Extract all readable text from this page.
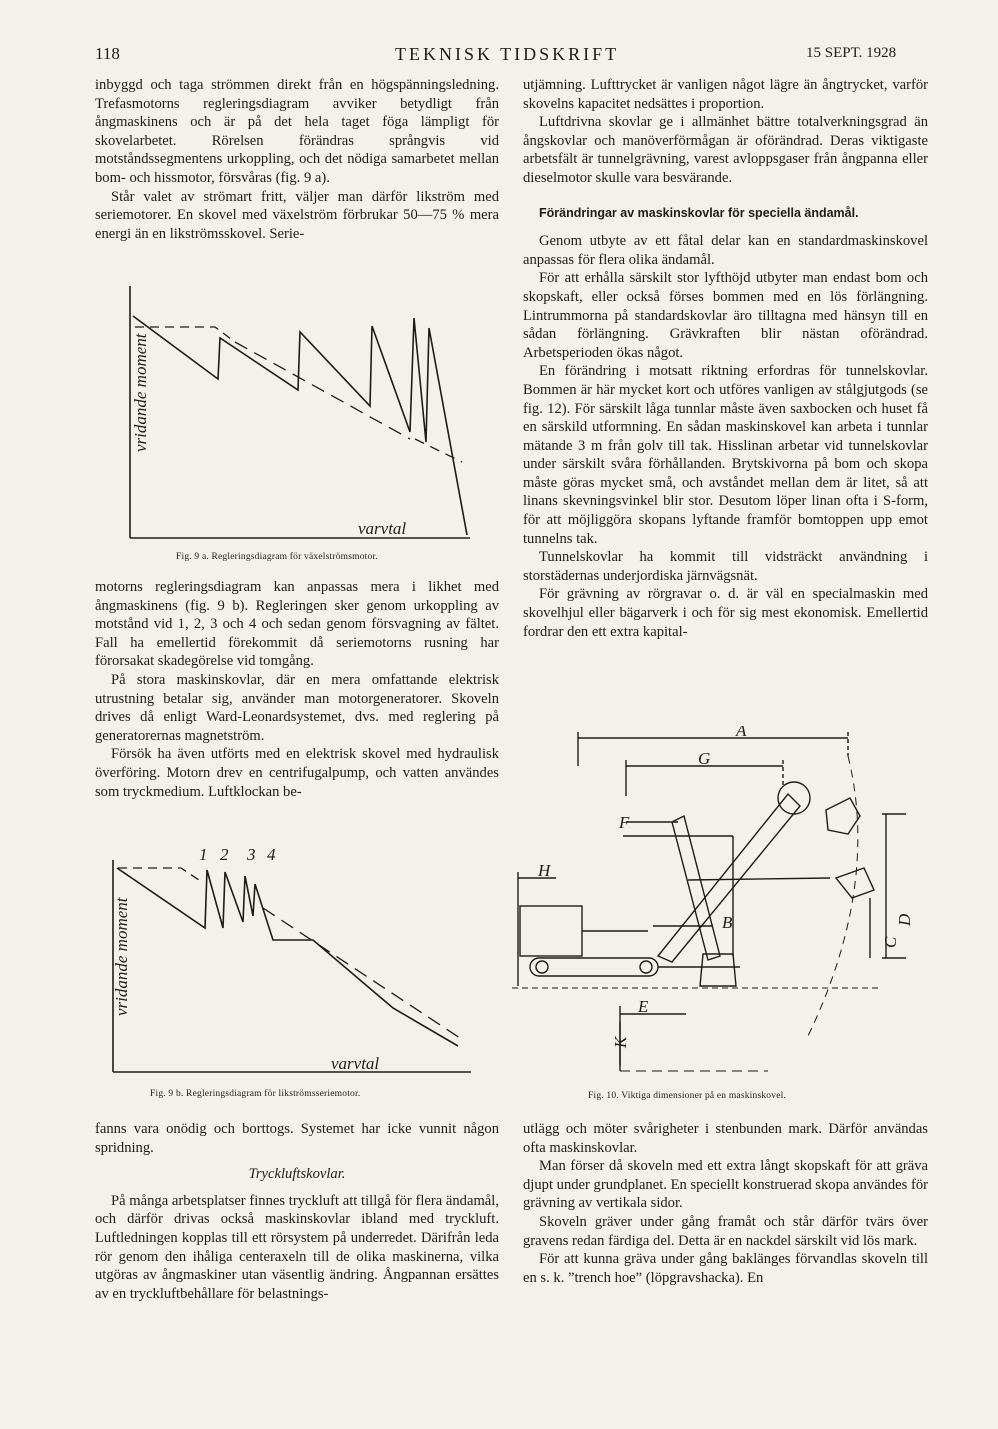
118	TEKNISK TIDSKRIFT	15 SEPT. 1928

inbyggd och taga strömmen direkt från en högspänningsledning. Trefasmotorns regleringsdiagram avviker betydligt från ångmaskinens och är på det hela taget föga lämpligt för skovelarbetet. Rörelsen förändras språngvis vid motståndssegmentens urkoppling, och det nödiga samarbetet mellan bom- och hissmotor, försvåras (fig. 9 a).

Står valet av strömart fritt, väljer man därför likström med seriemotorer. En skovel med växelström förbrukar 50—75 % mera energi än en likströmsskovel. Serie-

vridande moment
varvtal
Fig. 9 a. Regleringsdiagram för växelströmsmotor.

motorns regleringsdiagram kan anpassas mera i likhet med ångmaskinens (fig. 9 b). Regleringen sker genom urkoppling av motstånd vid 1, 2, 3 och 4 och sedan genom försvagning av fältet. Fall ha emellertid förekommit då seriemotorns rusning har förorsakat skadegörelse vid tomgång.

På stora maskinskovlar, där en mera omfattande elektrisk utrustning betalar sig, använder man motorgeneratorer. Skoveln drives då enligt Ward-Leonardsystemet, dvs. med reglering på generatorernas magnetström.

Försök ha även utförts med en elektrisk skovel med hydraulisk överföring. Motorn drev en centrifugalpump, och vatten användes som tryckmedium. Luftklockan be-

1 2 3 4
vridande moment
varvtal
Fig. 9 b. Regleringsdiagram för likströmsseriemotor.

fanns vara onödig och borttogs. Systemet har icke vunnit någon spridning.

Tryckluftskovlar.

På många arbetsplatser finnes tryckluft att tillgå för flera ändamål, och därför drivas också maskinskovlar ibland med tryckluft. Luftledningen kopplas till ett rörsystem på underredet. Därifrån leda rör genom den ihåliga centeraxeln till de olika maskinerna, vilka utgöras av ångmaskiner utan väsentlig ändring. Ångpannan ersättes av en tryckluftbehållare för belastnings-

utjämning. Lufttrycket är vanligen något lägre än ångtrycket, varför skovelns kapacitet nedsättes i proportion.

Luftdrivna skovlar ge i allmänhet bättre totalverkningsgrad än ångskovlar och manöverförmågan är oförändrad. Deras viktigaste arbetsfält är tunnelgrävning, varest avloppsgaser från ångpanna eller dieselmotor skulle vara besvärande.

Förändringar av maskinskovlar för speciella ändamål.

Genom utbyte av ett fåtal delar kan en standardmaskinskovel anpassas för flera olika ändamål.

För att erhålla särskilt stor lyfthöjd utbyter man endast bom och skopskaft, eller också förses bommen med en lös förlängning. Lintrummorna på standardskovlar äro tilltagna med hänsyn till en sådan förlängning. Grävkraften blir nästan oförändrad. Arbetsperioden ökas något.

En förändring i motsatt riktning erfordras för tunnelskovlar. Bommen är här mycket kort och utföres vanligen av stålgjutgods (se fig. 12). För särskilt låga tunnlar måste även saxbocken och huset få en särskild utformning. En sådan maskinskovel kan arbeta i tunnlar mätande 3 m från golv till tak. Hisslinan arbetar vid tunnelskovlar under särskilt svåra förhållanden. Brytskivorna på bom och skopa måste göras mycket små, och avståndet mellan dem är litet, så att linans skevningsvinkel blir stor. Desutom löper linan ofta i S-form, för att möjliggöra skopans lyftande framför bomtoppen upp emot tunnelns tak.

Tunnelskovlar ha kommit till vidsträckt användning i storstädernas underjordiska järnvägsnät.

För grävning av rörgravar o. d. är väl en specialmaskin med skovelhjul eller bägarverk i och för sig mest ekonomisk. Emellertid fordrar den ett extra kapital-

A
G
F
H
B	D
C
E
K
Fig. 10. Viktiga dimensioner på en maskinskovel.

utlägg och möter svårigheter i stenbunden mark. Därför användas ofta maskinskovlar.

Man förser då skoveln med ett extra långt skopskaft för att gräva djupt under grundplanet. En speciellt konstruerad skopa användes för grävning av vertikala sidor.

Skoveln gräver under gång framåt och står därför tvärs över gravens redan färdiga del. Detta är en nackdel särskilt vid lös mark.

För att kunna gräva under gång baklänges förvandlas skoveln till en s. k. ”trench hoe” (löpgravshacka). En
